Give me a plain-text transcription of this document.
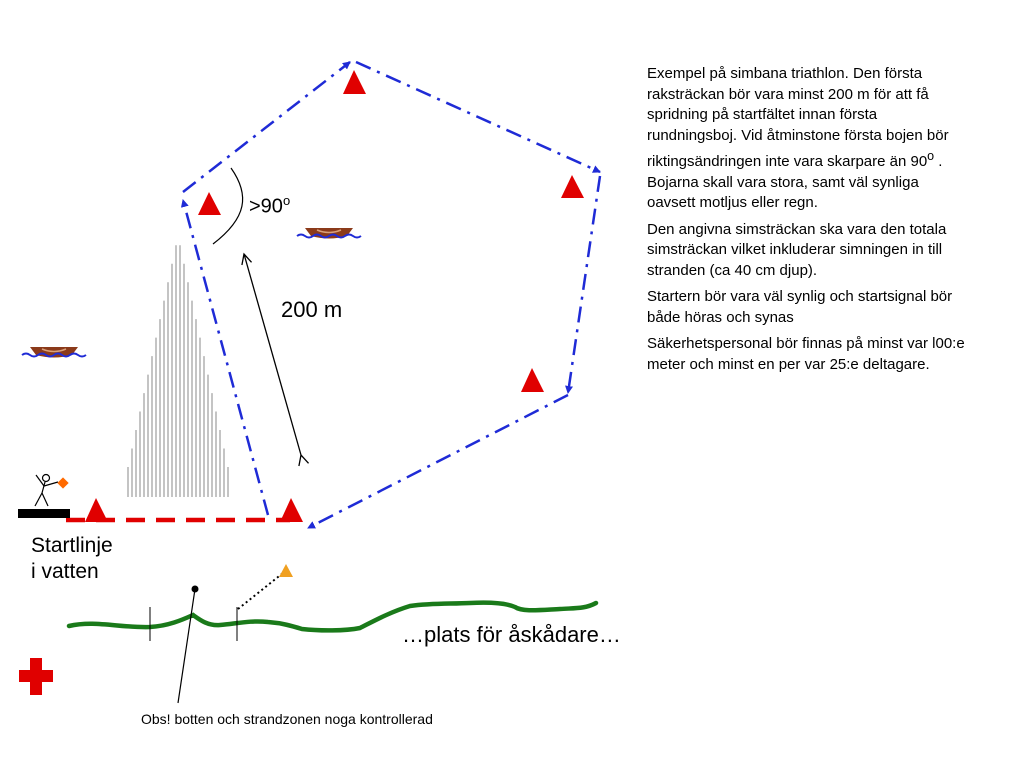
Exempel på simbana triathlon. Den första raksträckan bör vara minst 200 m för att få spridning på startfältet innan första rundningsboj. Vid åtminstone första bojen bör riktingsändringen inte vara skarpare än 90$^o$ . Bojarna skall vara stora, samt väl synliga oavsett motljus eller regn.

Den angivna simsträckan ska vara den totala simsträckan vilket inkluderar simningen in till stranden (ca 40 cm djup).

Startern bör vara väl synlig och startsignal bör både höras och synas

Säkerhetspersonal bör finnas på minst var l00:e meter och minst en per var 25:e deltagare.

$>90^o$
200 m
Startlinje
i vatten
…plats för åskådare…
Obs! botten och strandzonen noga kontrollerad
